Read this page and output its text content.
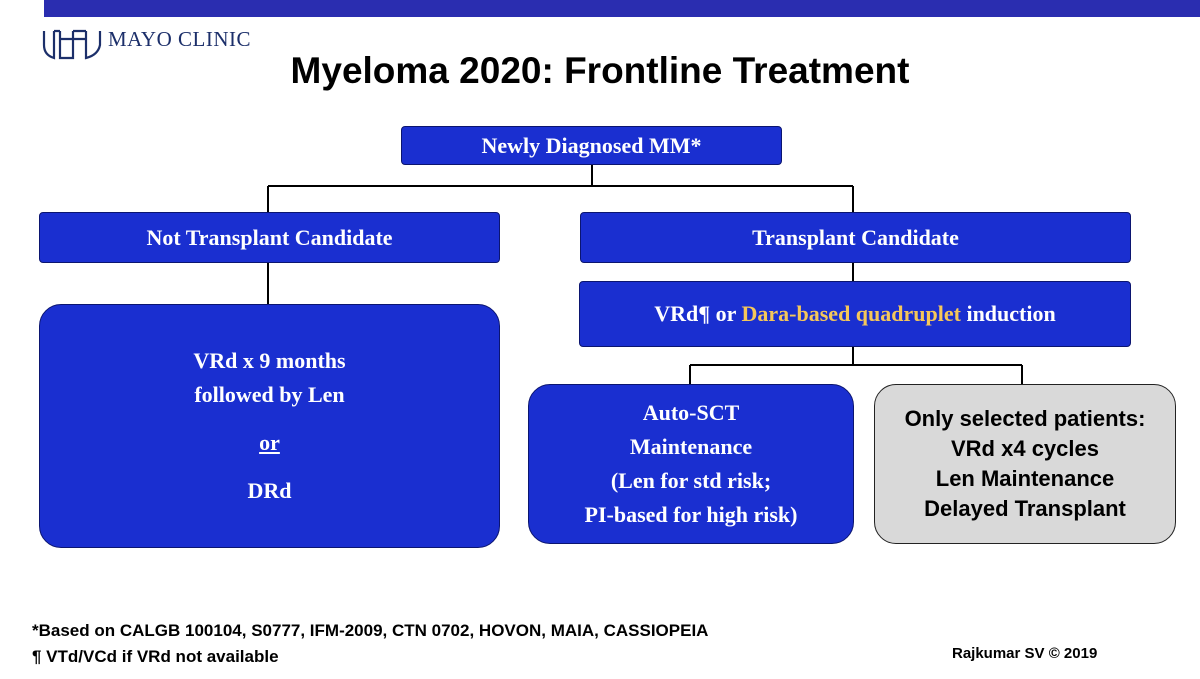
MAYO CLINIC
Myeloma 2020: Frontline Treatment
Newly Diagnosed MM*
Not Transplant Candidate	Transplant Candidate
VRd¶ or Dara-based quadruplet induction
VRd x 9 months
followed by Len
or
DRd
Auto-SCT
Maintenance
(Len for std risk;
PI-based for high risk)
Only selected patients:
VRd x4 cycles
Len Maintenance
Delayed Transplant
*Based on CALGB 100104, S0777, IFM-2009, CTN 0702, HOVON, MAIA, CASSIOPEIA
¶ VTd/VCd if VRd not available	Rajkumar SV © 2019
